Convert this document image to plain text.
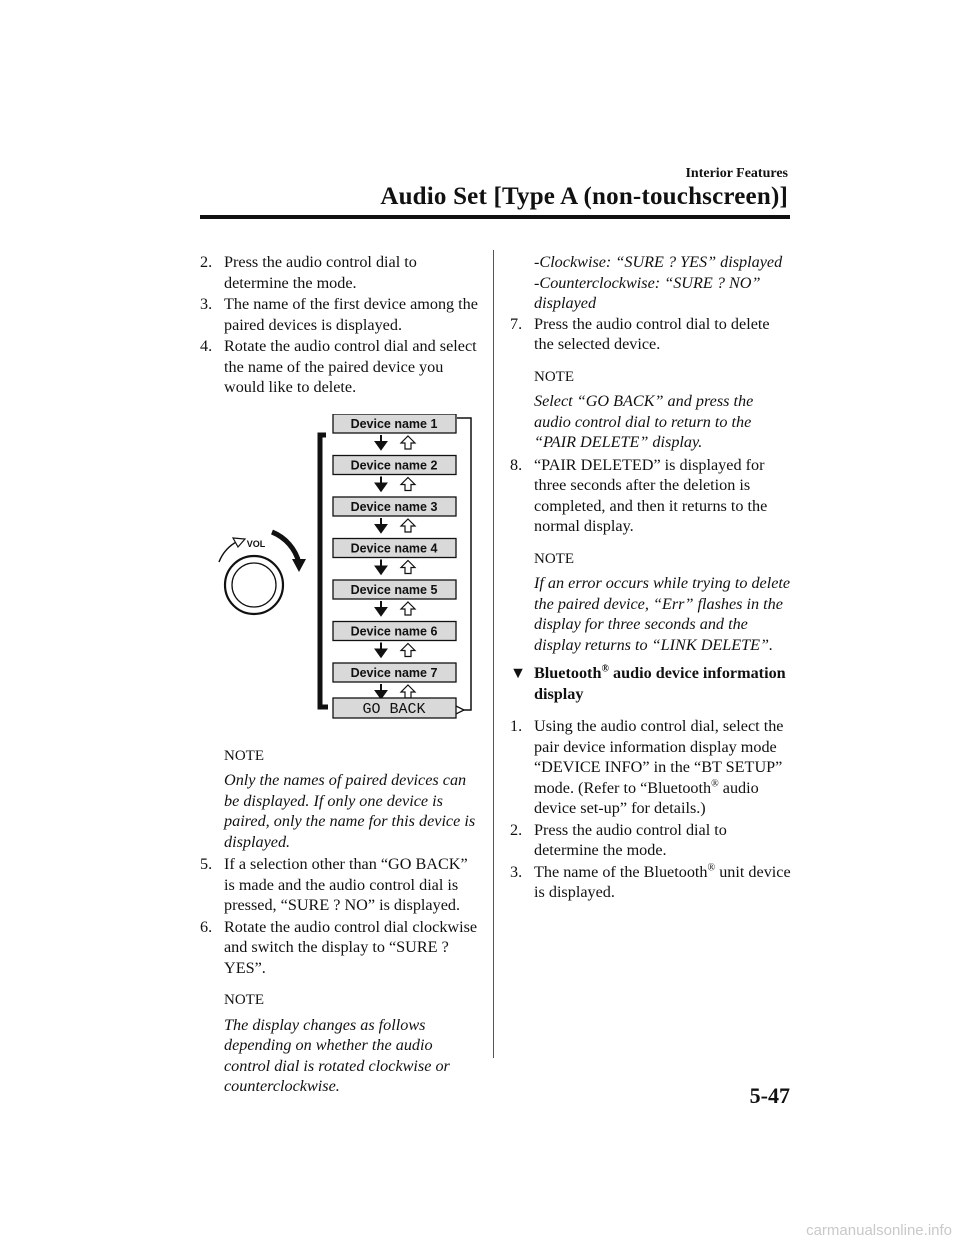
Interior Features
Audio Set [Type A (non-touchscreen)]
2. Press the audio control dial to determine the mode.
3. The name of the first device among the paired devices is displayed.
4. Rotate the audio control dial and select the name of the paired device you would like to delete.
Device name 1
Device name 2
Device name 3
Device name 4
Device name 5
Device name 6
Device name 7
GO BACK
VOL
NOTE
Only the names of paired devices can be displayed. If only one device is paired, only the name for this device is displayed.
5. If a selection other than “GO BACK” is made and the audio control dial is pressed, “SURE ? NO” is displayed.
6. Rotate the audio control dial clockwise and switch the display to “SURE ? YES”.
NOTE
The display changes as follows depending on whether the audio control dial is rotated clockwise or counterclockwise.
-Clockwise: “SURE ? YES” displayed
-Counterclockwise: “SURE ? NO” displayed
7. Press the audio control dial to delete the selected device.
NOTE
Select “GO BACK” and press the audio control dial to return to the “PAIR DELETE” display.
8. “PAIR DELETED” is displayed for three seconds after the deletion is completed, and then it returns to the normal display.
NOTE
If an error occurs while trying to delete the paired device, “Err” flashes in the display for three seconds and the display returns to “LINK DELETE”.
▼ Bluetooth® audio device information display
1. Using the audio control dial, select the pair device information display mode “DEVICE INFO” in the “BT SETUP” mode. (Refer to “Bluetooth® audio device set-up” for details.)
2. Press the audio control dial to determine the mode.
3. The name of the Bluetooth® unit device is displayed.
5-47
carmanualsonline.info
